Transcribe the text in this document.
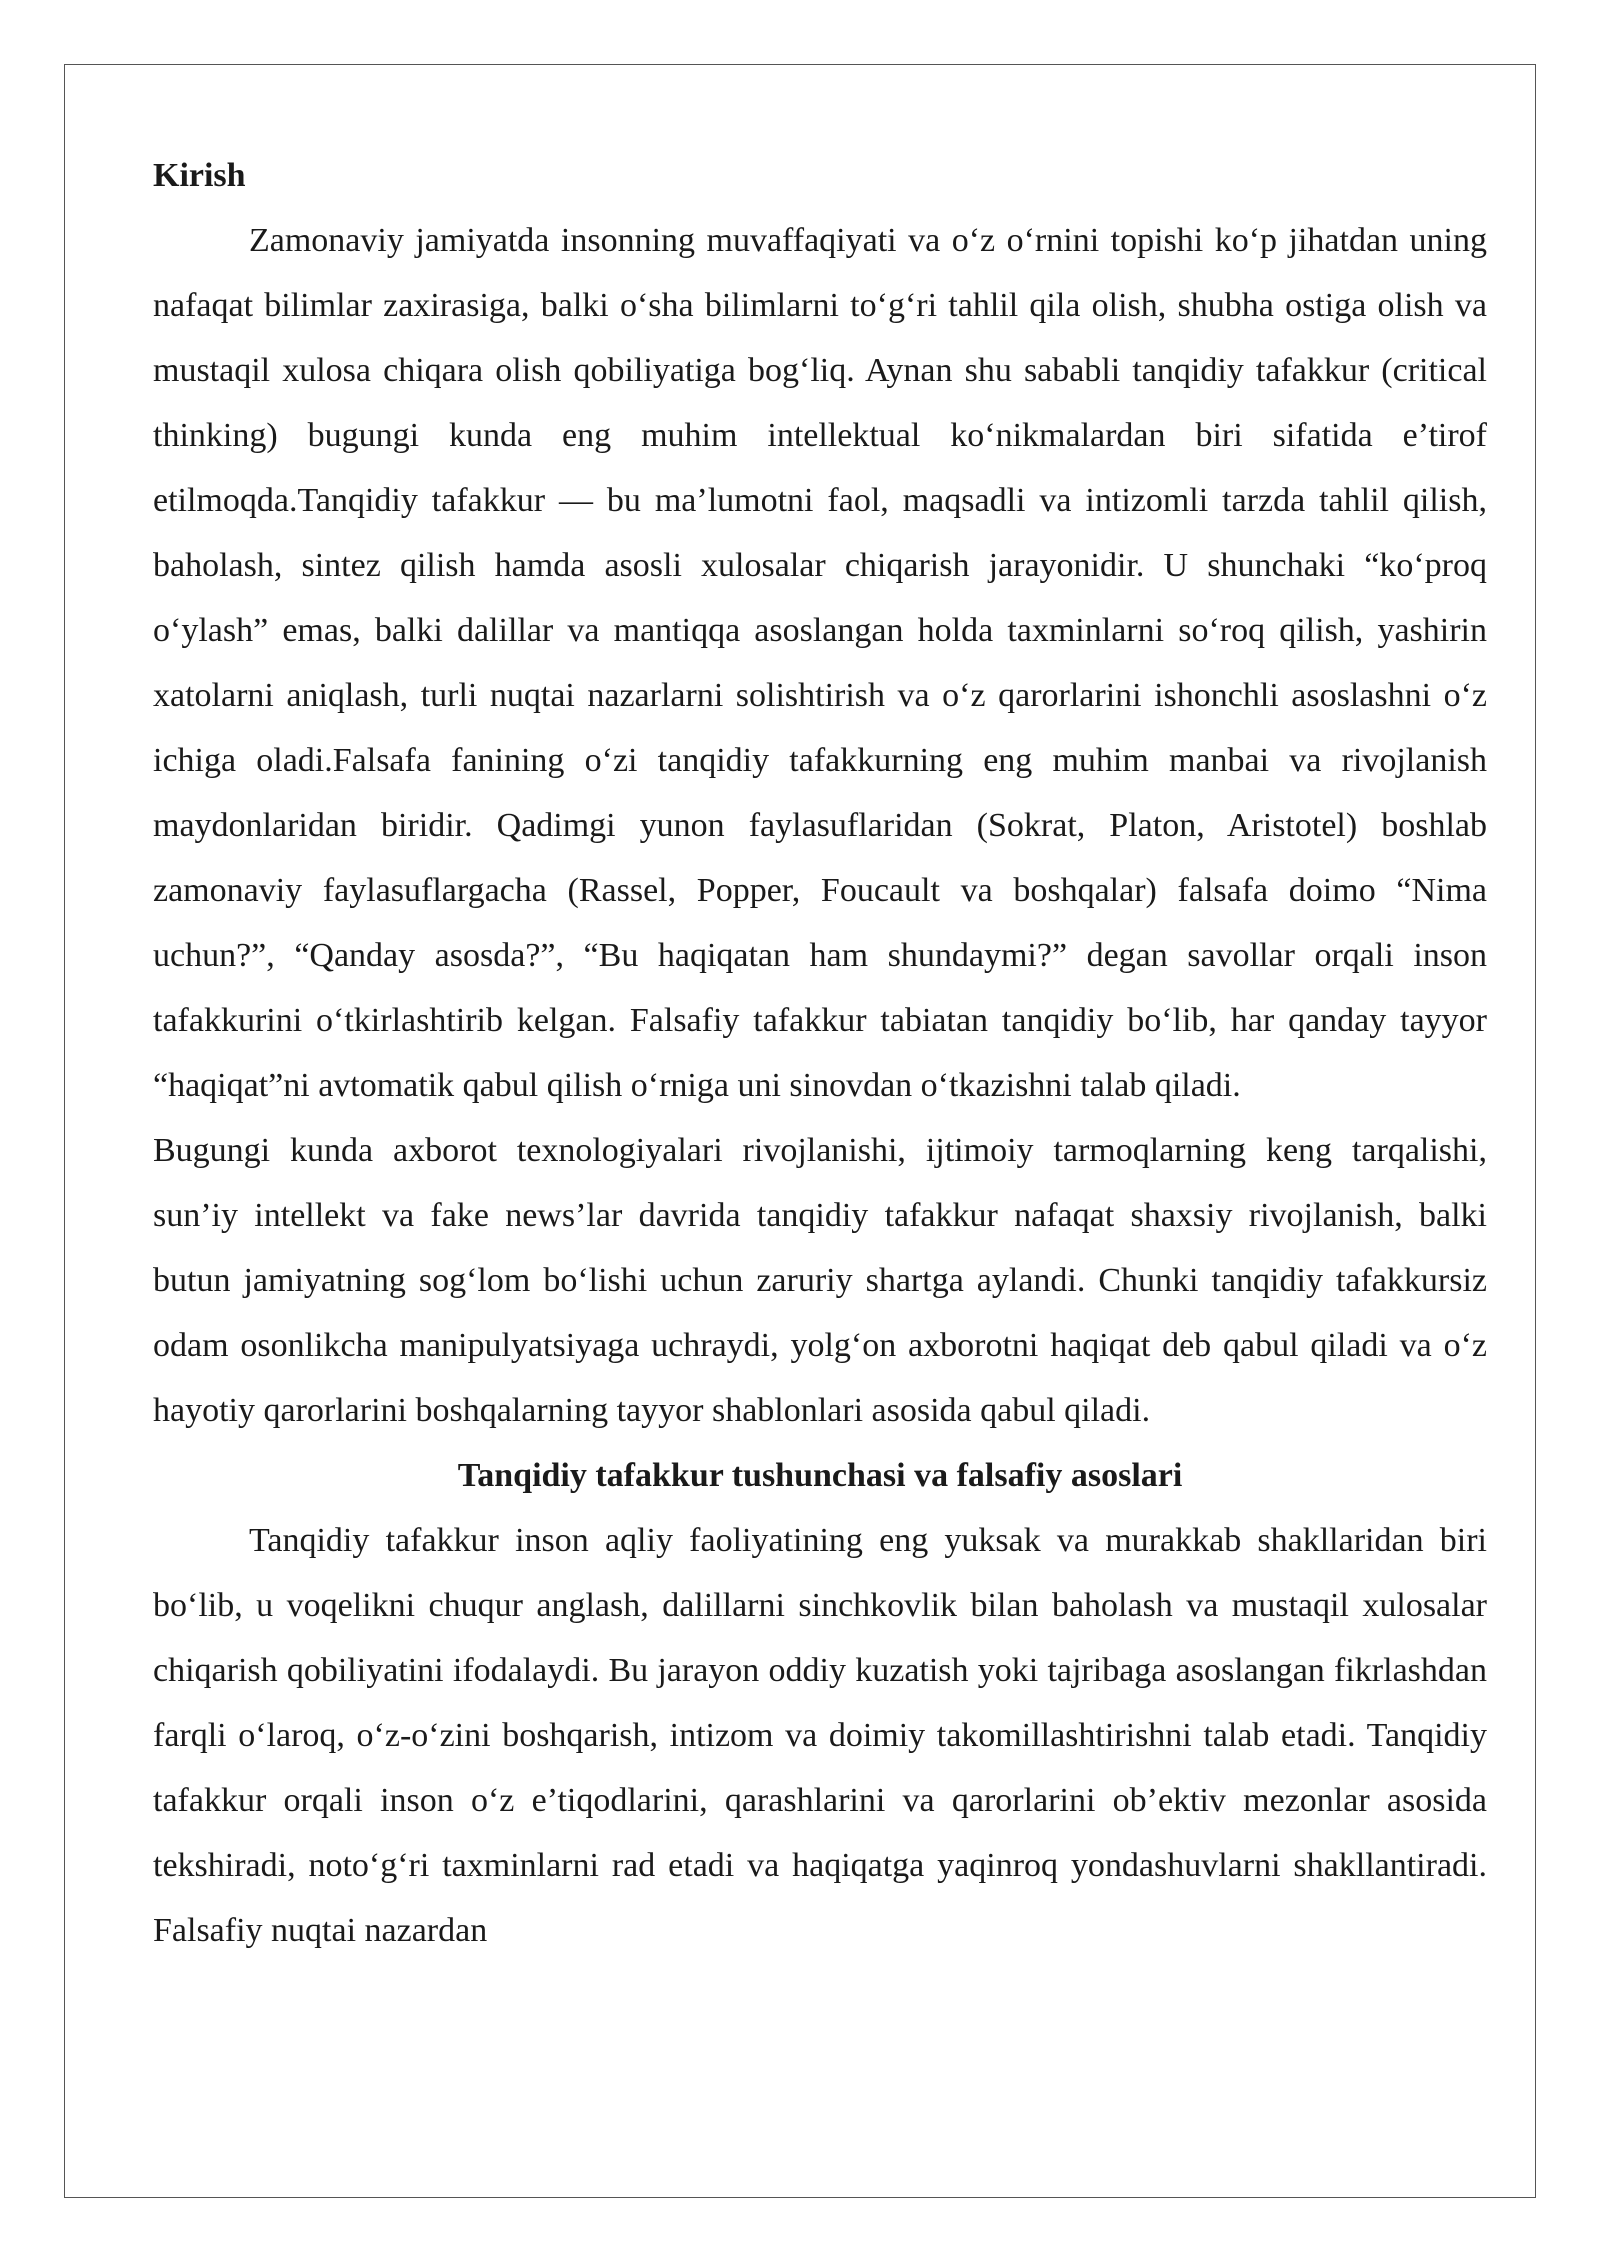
Kirish

Zamonaviy jamiyatda insonning muvaffaqiyati va o‘z o‘rnini topishi ko‘p jihatdan uning nafaqat bilimlar zaxirasiga, balki o‘sha bilimlarni to‘g‘ri tahlil qila olish, shubha ostiga olish va mustaqil xulosa chiqara olish qobiliyatiga bog‘liq. Aynan shu sababli tanqidiy tafakkur (critical thinking) bugungi kunda eng muhim intellektual ko‘nikmalardan biri sifatida e’tirof etilmoqda.Tanqidiy tafakkur — bu ma’lumotni faol, maqsadli va intizomli tarzda tahlil qilish, baholash, sintez qilish hamda asosli xulosalar chiqarish jarayonidir. U shunchaki “ko‘proq o‘ylash” emas, balki dalillar va mantiqqa asoslangan holda taxminlarni so‘roq qilish, yashirin xatolarni aniqlash, turli nuqtai nazarlarni solishtirish va o‘z qarorlarini ishonchli asoslashni o‘z ichiga oladi.Falsafa fanining o‘zi tanqidiy tafakkurning eng muhim manbai va rivojlanish maydonlaridan biridir. Qadimgi yunon faylasuflaridan (Sokrat, Platon, Aristotel) boshlab zamonaviy faylasuflargacha (Rassel, Popper, Foucault va boshqalar) falsafa doimo “Nima uchun?”, “Qanday asosda?”, “Bu haqiqatan ham shundaymi?” degan savollar orqali inson tafakkurini o‘tkirlashtirib kelgan. Falsafiy tafakkur tabiatan tanqidiy bo‘lib, har qanday tayyor “haqiqat”ni avtomatik qabul qilish o‘rniga uni sinovdan o‘tkazishni talab qiladi.

Bugungi kunda axborot texnologiyalari rivojlanishi, ijtimoiy tarmoqlarning keng tarqalishi, sun’iy intellekt va fake news’lar davrida tanqidiy tafakkur nafaqat shaxsiy rivojlanish, balki butun jamiyatning sog‘lom bo‘lishi uchun zaruriy shartga aylandi. Chunki tanqidiy tafakkursiz odam osonlikcha manipulyatsiyaga uchraydi, yolg‘on axborotni haqiqat deb qabul qiladi va o‘z hayotiy qarorlarini boshqalarning tayyor shablonlari asosida qabul qiladi.

Tanqidiy tafakkur tushunchasi va falsafiy asoslari

Tanqidiy tafakkur inson aqliy faoliyatining eng yuksak va murakkab shakllaridan biri bo‘lib, u voqelikni chuqur anglash, dalillarni sinchkovlik bilan baholash va mustaqil xulosalar chiqarish qobiliyatini ifodalaydi. Bu jarayon oddiy kuzatish yoki tajribaga asoslangan fikrlashdan farqli o‘laroq, o‘z-o‘zini boshqarish, intizom va doimiy takomillashtirishni talab etadi. Tanqidiy tafakkur orqali inson o‘z e’tiqodlarini, qarashlarini va qarorlarini ob’ektiv mezonlar asosida tekshiradi, noto‘g‘ri taxminlarni rad etadi va haqiqatga yaqinroq yondashuvlarni shakllantiradi. Falsafiy nuqtai nazardan
